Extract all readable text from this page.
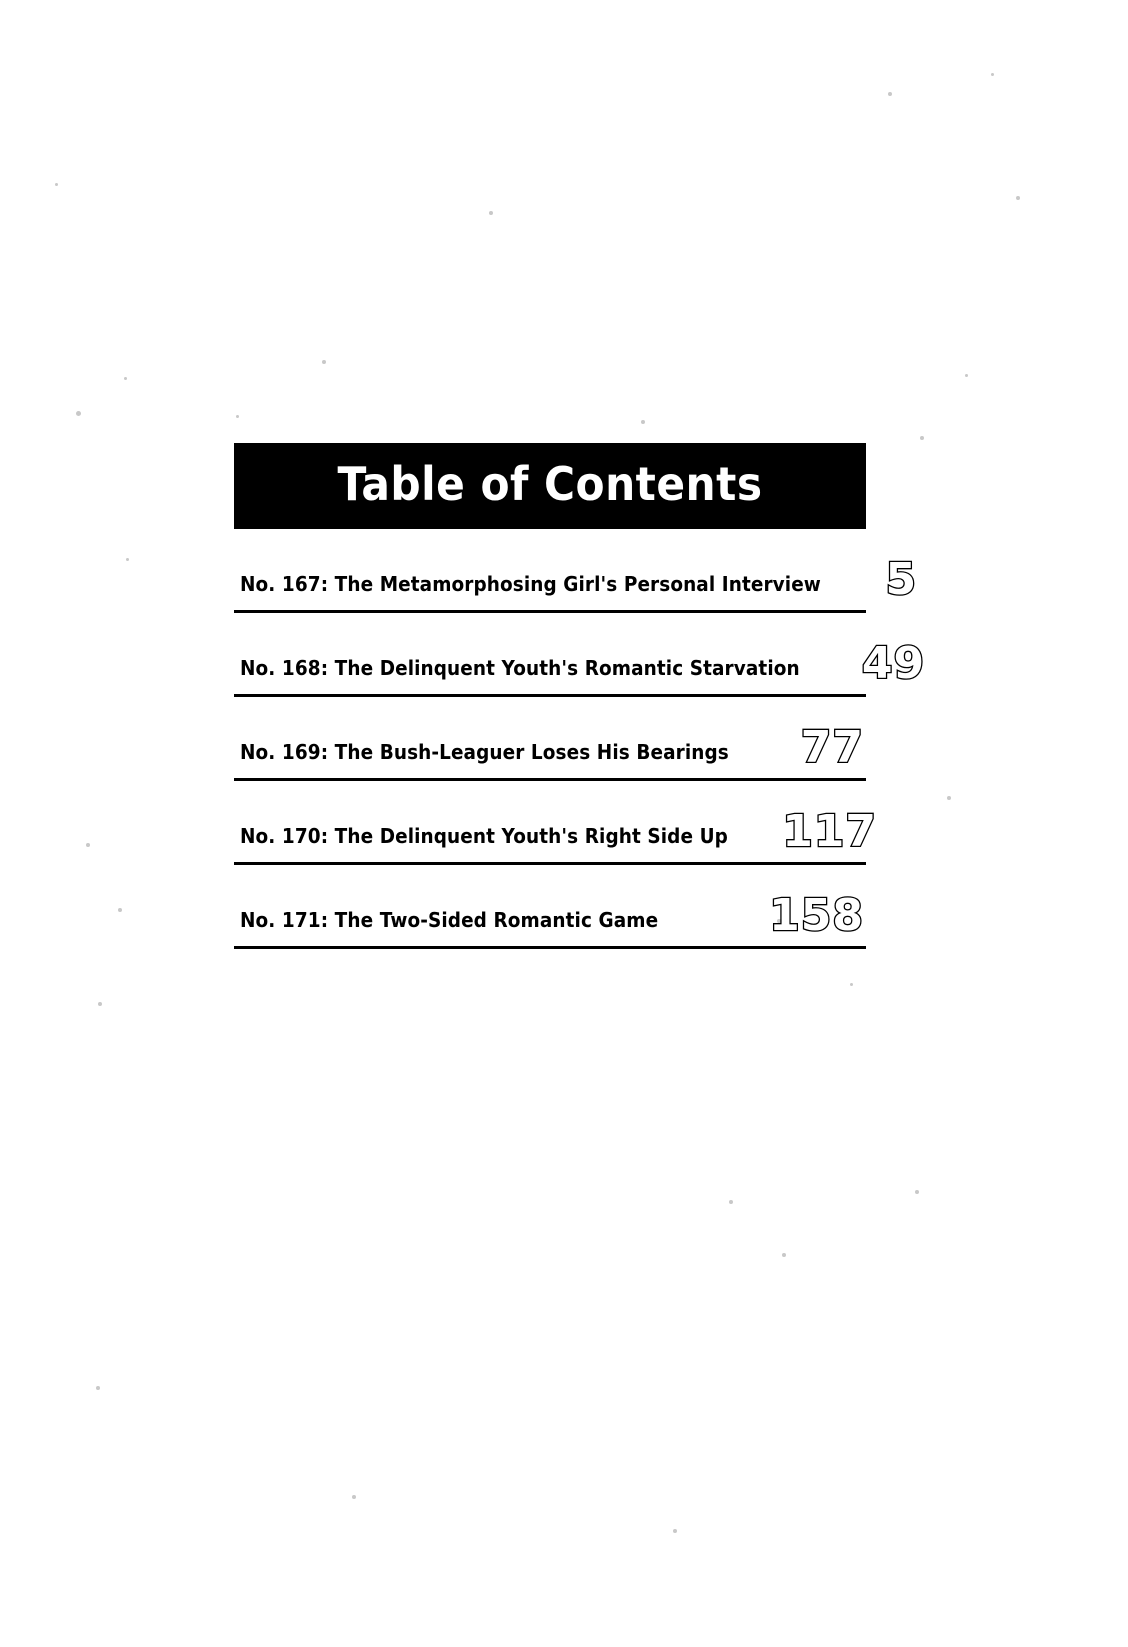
Table of Contents
No. 167: The Metamorphosing Girl's Personal Interview 5
No. 168: The Delinquent Youth's Romantic Starvation 49
No. 169: The Bush-Leaguer Loses His Bearings 77
No. 170: The Delinquent Youth's Right Side Up 117
No. 171: The Two-Sided Romantic Game	158
